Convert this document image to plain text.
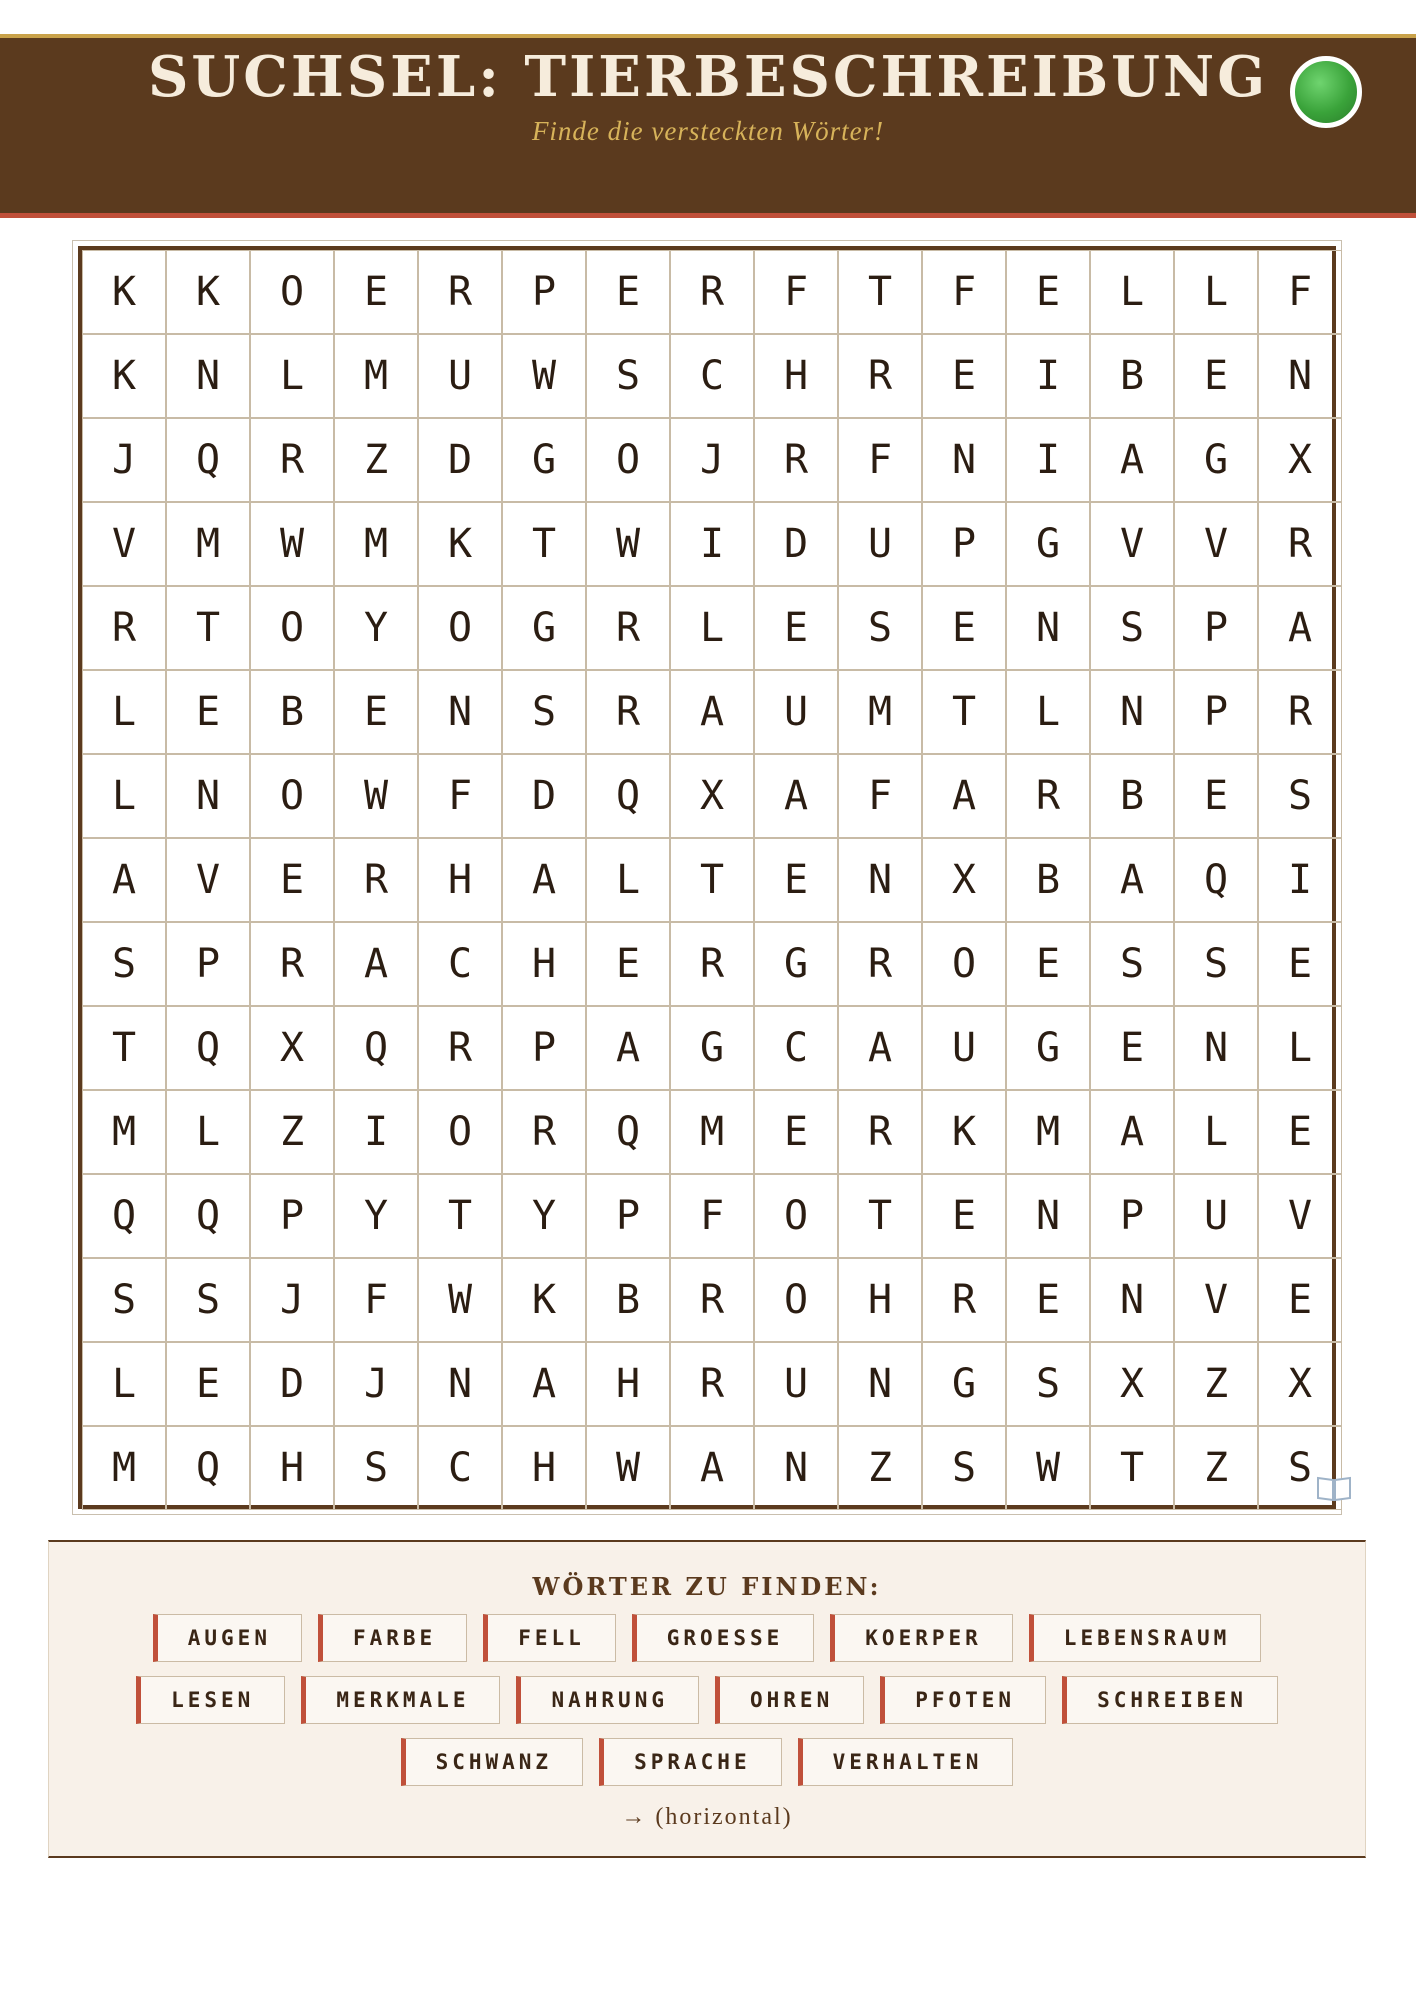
SUCHSEL: TIERBESCHREIBUNG
Finde die versteckten Wörter!
K	K	O	E	R	P	E	R	F	T	F	E	L	L	F
K	N	L	M	U	W	S	C	H	R	E	I	B	E	N
J	Q	R	Z	D	G	O	J	R	F	N	I	A	G	X
V	M	W	M	K	T	W	I	D	U	P	G	V	V	R
R	T	O	Y	O	G	R	L	E	S	E	N	S	P	A
L	E	B	E	N	S	R	A	U	M	T	L	N	P	R
L	N	O	W	F	D	Q	X	A	F	A	R	B	E	S
A	V	E	R	H	A	L	T	E	N	X	B	A	Q	I
S	P	R	A	C	H	E	R	G	R	O	E	S	S	E
T	Q	X	Q	R	P	A	G	C	A	U	G	E	N	L
M	L	Z	I	O	R	Q	M	E	R	K	M	A	L	E
Q	Q	P	Y	T	Y	P	F	O	T	E	N	P	U	V
S	S	J	F	W	K	B	R	O	H	R	E	N	V	E
L	E	D	J	N	A	H	R	U	N	G	S	X	Z	X
M	Q	H	S	C	H	W	A	N	Z	S	W	T	Z	S
WÖRTER ZU FINDEN:
AUGEN	FARBE	FELL	GROESSE	KOERPER	LEBENSRAUM
LESEN	MERKMALE	NAHRUNG	OHREN	PFOTEN	SCHREIBEN
SCHWANZ	SPRACHE	VERHALTEN
→ (horizontal)
